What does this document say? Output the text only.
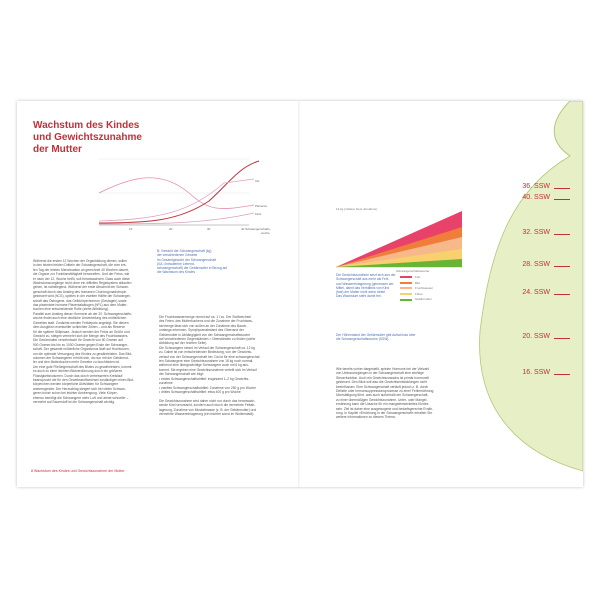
Wachstum des Kindes
und Gewichtszunahme
der Mutter
IUL
Plazenta
Kind
10	20	30	40 Schwangerschafts-
woche
B: Gewicht der Schwangerschaft (kg)
der verschiedenen Gewebe
im Gesamtgewicht der Schwangerschaft
(IUL=Intrauterine Lebend-
schwangerschaft) der Gebärmutter in Bezug auf
die Wachstum des Kindes
Während die ersten 12 Wochen der Organbildung dienen, sollen
in den letzten beiden Dritteln der Schwangerschaft, die vom ers-
ten Tag der letzten Menstruation an gerechnet 40 Wochen dauert,
die Organe zur Funktionsfähigkeit heranreifen. Und der Fetus, wie
er nach der 12. Woche heißt, soll heranwachsen. Dass auch diese
Wachstumsvorgänge nicht ohne ein diffiziles Regelsystem ablaufen
gehen, ist naheliegend. Während der erste Abschnitt der Schwan-
gerschaft durch das Anstieg des humanen Choriongonadotropin
gesteuert wird (hCG), spielen in der zweiten Hälfte der Schwanger-
schaft das Östrogene, das Gelbkörperhormon (Gestagen) sowie
das plazentare humane Plazentalaktogen (hPL) aus dem Mutter-
kuchen eine entscheidende Rolle (siehe Abbildung).
Parallel zum Anstieg dieser Hormone ab der 20. Schwangerschafts-
woche findet auch eine deutliche Umverteilung des mütterlichen
Gewebes statt. Zunächst werden Fettdepots angelegt. Sie dienen
dem Ausgleich eventueller schlechter Zeiten – und als Reserve
für die spätere Stillphase. Jedoch werden der Fetus an Größe und
Gewicht zu, steigen vermehrt sich die Menge des Fruchtwassers.
Die Gebärmutter verzehnfacht ihr Gewicht von 50 Gramm auf
900 Gramm bis hin zu 1000 Gramm gegen Ende der Schwanger-
schaft. Der gesamte mütterliche Organismus läuft auf Hochtouren,
um die optimale Versorgung des Kindes zu gewährleisten. Das Blut-
volumen der Schwangeren erhöht sich, da nun mit der Gebärmut-
ter und den Mutterkuchen mehr Gewebe zu durchbluten ist.
Um eine gute Fließeigenschaft des Blutes zu gewährleisten, kommt
es auch zu einer leichten Blutverdünnung durch ein größeres
Flüssigkeitsvolumen. Durch das durch verbesserten Kreislauf
beansprucht die für den Gewebsstoffwechsel zuständigen einen Blut-
körperchen werden körperliche Aktivitäten für Schwangere
anstrengender. Der Herzschlag steigert sich bei vielen Schwan-
geren hoher schon bei leichter Anstrengung. Viele Körper-
ebenso benötigt die Schwangere mehr Luft und atmet schneller –
vermehrt auf Sauerstoff ist die Schwangerschaft wichtig.
Die Fruchtwassermenge nimmt auf ca. 1 l zu. Der Stoffwechsel
des Feten, des Mutterkuchens und die Zunahme der Fruchtwas-
sermenge lässt sich von außen an der Zunahme des Bauch-
umfangs erkennen. Symphysenabstand des Oberrand der
Gebärmutter in Abhängigkeit von der Schwangerschaftswoche
auf verschiedenen Gegenständen = Überständen zu finden (siehe
Abbildung auf der rechten Seite).
Die Schwangere nimmt im Verlauf der Schwangerschaft ca. 12 kg
zu. Dabei ist von entscheidender Bedeutung, von der Gewichts-
verlauf von der Schwangerschaft her. Da ist für eine schwangerschaf-
ten Schwangere eine Gewichtszunahme von 18 kg noch normal,
während eine übergewichtige Schwangere auch mit 6 kg aus-
kommt. Sie ergeben eine Gewichtszunahme verteilt sich im Verlauf
der Schwangerschaft wie folgt:
• erstes Schwangerschaftsdrittel: insgesamt 1–2 kg Gewichts-
zunahme
• zweites Schwangerschaftsdrittel: Zunahme von 250 g pro Woche
• drittes Schwangerschaftsdrittel: etwa 400 g pro Woche

Die Gewichtszunahme wird daher nicht nur durch das heranwach-
sende Kind verursacht, sondern auch durch die vermehrte Fettab-
lagerung, Zunahme von Muskelmasse (z. B. der Gebärmutter) und
vermehrte Wassereinlagerung (ein leichter sonst im Wollenstadt).
8 Wachstum des Kindes und Gewichtszunahme der Mutter
36. SSW
40. SSW
32. SSW
28. SSW
24. SSW
20. SSW
16. SSW
13 kg (mittlere Gew.-Zunahme)
Schwangerschaftswoche
Fett
Blut
Fruchtwasser
Fötus
Gebärmutter
Die Gewichtszunahme setzt sich aus der
Schwangerschaft aus mehr als Fett-
und Wassereinlagerung (gemessen am
Mittel, damit das Verhältnis von Kind
(fast) der Mutter nicht wenn direkt
Das Wachstum steht damit frei.
Der Höhenstand der Gebärmutter gibt Aufschluss über
die Schwangerschaftswoche (SSW).
Wie bereits vorher dargestellt, spielen Hormone bei der Vielzahl
von Umbauvorgängen in der Schwangerschaft eine wichtige
Steuerfunktion. Auch ein Gewichtszuwachs ist primär hormonell
gesteuert. Den Blick soll also die Gewichtsentwicklungen nicht
beeinflussen. Eine Schwangerschaft verläuft jedoch z. B. durch
Defizite oder Immunsuppressionsprozesse zu einer Fehlernährung,
Übersättigung führt, was auch außerhalb der Schwangerschaft,
zu einer übermäßigen Gewichtszunahme. Unter- oder Mangel-
ernährung kann die Ursache für ein mangelentwickeltes Kindes
sein. Ziel ist daher eine ausgewogene und bedarfsgerechte Ernäh-
rung. In Kapitel »Ernährung in der Schwangerschaft« erhalten Sie
weitere Informationen zu diesem Thema.
